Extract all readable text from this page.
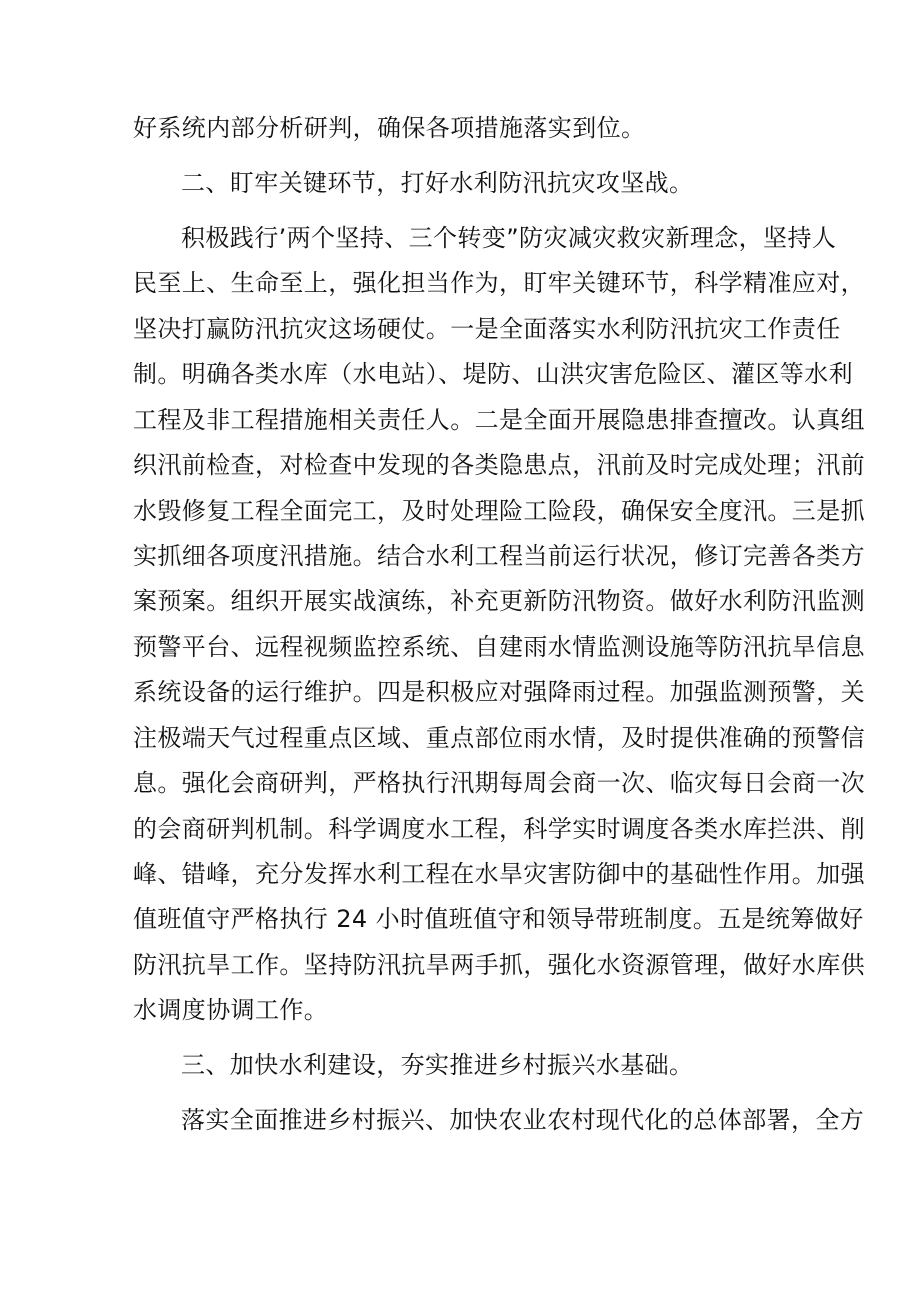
好系统内部分析研判，确保各项措施落实到位。
二、盯牢关键环节，打好水利防汛抗灾攻坚战。
积极践行’两个坚持、三个转变”防灾减灾救灾新理念，坚持人
民至上、生命至上，强化担当作为，盯牢关键环节，科学精准应对，
坚决打赢防汛抗灾这场硬仗。一是全面落实水利防汛抗灾工作责任
制。明确各类水库（水电站）、堤防、山洪灾害危险区、灌区等水利
工程及非工程措施相关责任人。二是全面开展隐患排查擅改。认真组
织汛前检查，对检查中发现的各类隐患点，汛前及时完成处理；汛前
水毁修复工程全面完工，及时处理险工险段，确保安全度汛。三是抓
实抓细各项度汛措施。结合水利工程当前运行状况，修订完善各类方
案预案。组织开展实战演练，补充更新防汛物资。做好水利防汛监测
预警平台、远程视频监控系统、自建雨水情监测设施等防汛抗旱信息
系统设备的运行维护。四是积极应对强降雨过程。加强监测预警，关
注极端天气过程重点区域、重点部位雨水情，及时提供准确的预警信
息。强化会商研判，严格执行汛期每周会商一次、临灾每日会商一次
的会商研判机制。科学调度水工程，科学实时调度各类水库拦洪、削
峰、错峰，充分发挥水利工程在水旱灾害防御中的基础性作用。加强
值班值守严格执行 24 小时值班值守和领导带班制度。五是统筹做好
防汛抗旱工作。坚持防汛抗旱两手抓，强化水资源管理，做好水库供
水调度协调工作。
三、加快水利建设，夯实推进乡村振兴水基础。
落实全面推进乡村振兴、加快农业农村现代化的总体部署，全方
